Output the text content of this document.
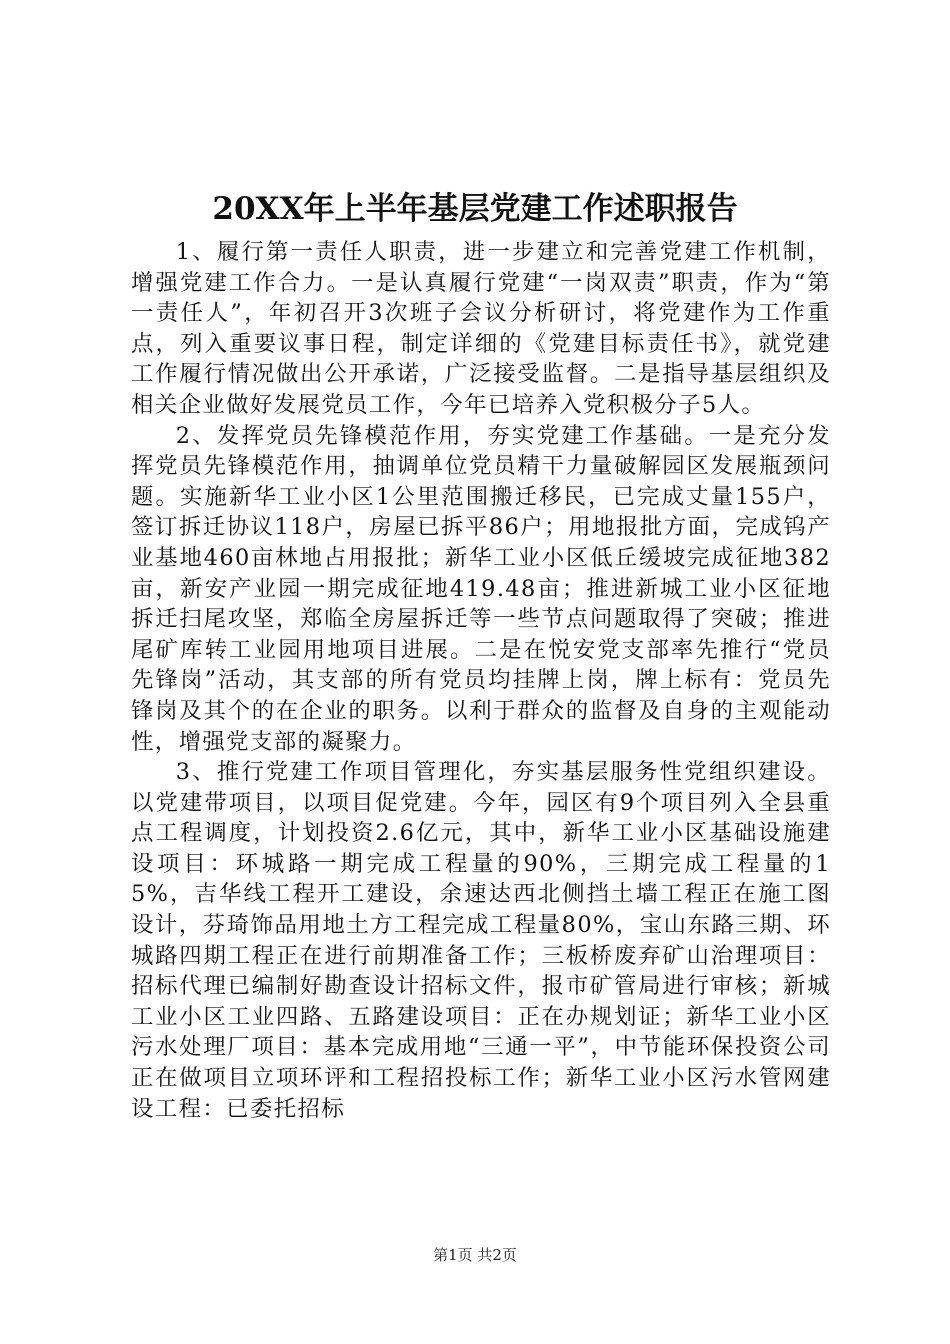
20XX年上半年基层党建工作述职报告

1、履行第一责任人职责，进一步建立和完善党建工作机制，增强党建工作合力。一是认真履行党建“一岗双责”职责，作为“第一责任人”，年初召开3次班子会议分析研讨，将党建作为工作重点，列入重要议事日程，制定详细的《党建目标责任书》，就党建工作履行情况做出公开承诺，广泛接受监督。二是指导基层组织及相关企业做好发展党员工作，今年已培养入党积极分子5人。

2、发挥党员先锋模范作用，夯实党建工作基础。一是充分发挥党员先锋模范作用，抽调单位党员精干力量破解园区发展瓶颈问题。实施新华工业小区1公里范围搬迁移民，已完成丈量155户，签订拆迁协议118户，房屋已拆平86户；用地报批方面，完成钨产业基地460亩林地占用报批；新华工业小区低丘缓坡完成征地382亩，新安产业园一期完成征地419.48亩；推进新城工业小区征地拆迁扫尾攻坚，郑临全房屋拆迁等一些节点问题取得了突破；推进尾矿库转工业园用地项目进展。二是在悦安党支部率先推行“党员先锋岗”活动，其支部的所有党员均挂牌上岗，牌上标有：党员先锋岗及其个的在企业的职务。以利于群众的监督及自身的主观能动性，增强党支部的凝聚力。

3、推行党建工作项目管理化，夯实基层服务性党组织建设。以党建带项目，以项目促党建。今年，园区有9个项目列入全县重点工程调度，计划投资2.6亿元，其中，新华工业小区基础设施建设项目：环城路一期完成工程量的90%，三期完成工程量的15%，吉华线工程开工建设，余速达西北侧挡土墙工程正在施工图设计，芬琦饰品用地土方工程完成工程量80%，宝山东路三期、环城路四期工程正在进行前期准备工作；三板桥废弃矿山治理项目：招标代理已编制好勘查设计招标文件，报市矿管局进行审核；新城工业小区工业四路、五路建设项目：正在办规划证；新华工业小区污水处理厂项目：基本完成用地“三通一平”，中节能环保投资公司正在做项目立项环评和工程招投标工作；新华工业小区污水管网建设工程：已委托招标

第1页 共2页
